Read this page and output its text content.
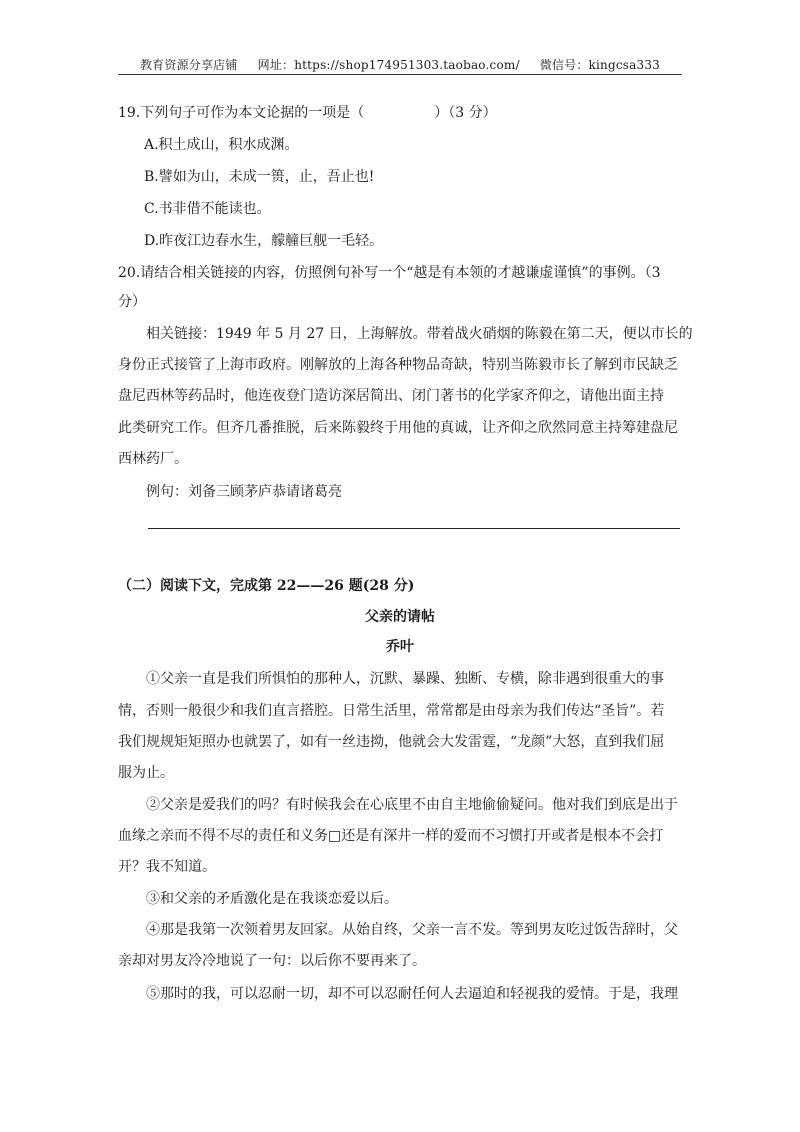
教育资源分享店铺 网址：https://shop174951303.taobao.com/ 微信号：kingcsa333
19.下列句子可作为本文论据的一项是（　　　　　）（3 分）
A.积土成山，积水成渊。
B.譬如为山，未成一篑，止，吾止也!
C.书非借不能读也。
D.昨夜江边春水生，艨艟巨舰一毛轻。
20.请结合相关链接的内容，仿照例句补写一个“越是有本领的才越谦虚谨慎”的事例。（3
分）
相关链接：1949 年 5 月 27 日，上海解放。带着战火硝烟的陈毅在第二天，便以市长的
身份正式接管了上海市政府。刚解放的上海各种物品奇缺，特别当陈毅市长了解到市民缺乏
盘尼西林等药品时，他连夜登门造访深居简出、闭门著书的化学家齐仰之，请他出面主持
此类研究工作。但齐几番推脱，后来陈毅终于用他的真诚，让齐仰之欣然同意主持筹建盘尼
西林药厂。
例句：刘备三顾茅庐恭请诸葛亮
（二）阅读下文，完成第 22——26 题(28 分)
父亲的请帖
乔叶
①父亲一直是我们所惧怕的那种人，沉默、暴躁、独断、专横，除非遇到很重大的事
情，否则一般很少和我们直言搭腔。日常生活里，常常都是由母亲为我们传达“圣旨”。若
我们规规矩矩照办也就罢了，如有一丝违拗，他就会大发雷霆，“龙颜”大怒，直到我们屈
服为止。
②父亲是爱我们的吗？有时候我会在心底里不由自主地偷偷疑问。他对我们到底是出于
血缘之亲而不得不尽的责任和义务□还是有深井一样的爱而不习惯打开或者是根本不会打
开？我不知道。
③和父亲的矛盾激化是在我谈恋爱以后。
④那是我第一次领着男友回家。从始自终，父亲一言不发。等到男友吃过饭告辞时，父
亲却对男友冷冷地说了一句：以后你不要再来了。
⑤那时的我，可以忍耐一切，却不可以忍耐任何人去逼迫和轻视我的爱情。于是，我理
